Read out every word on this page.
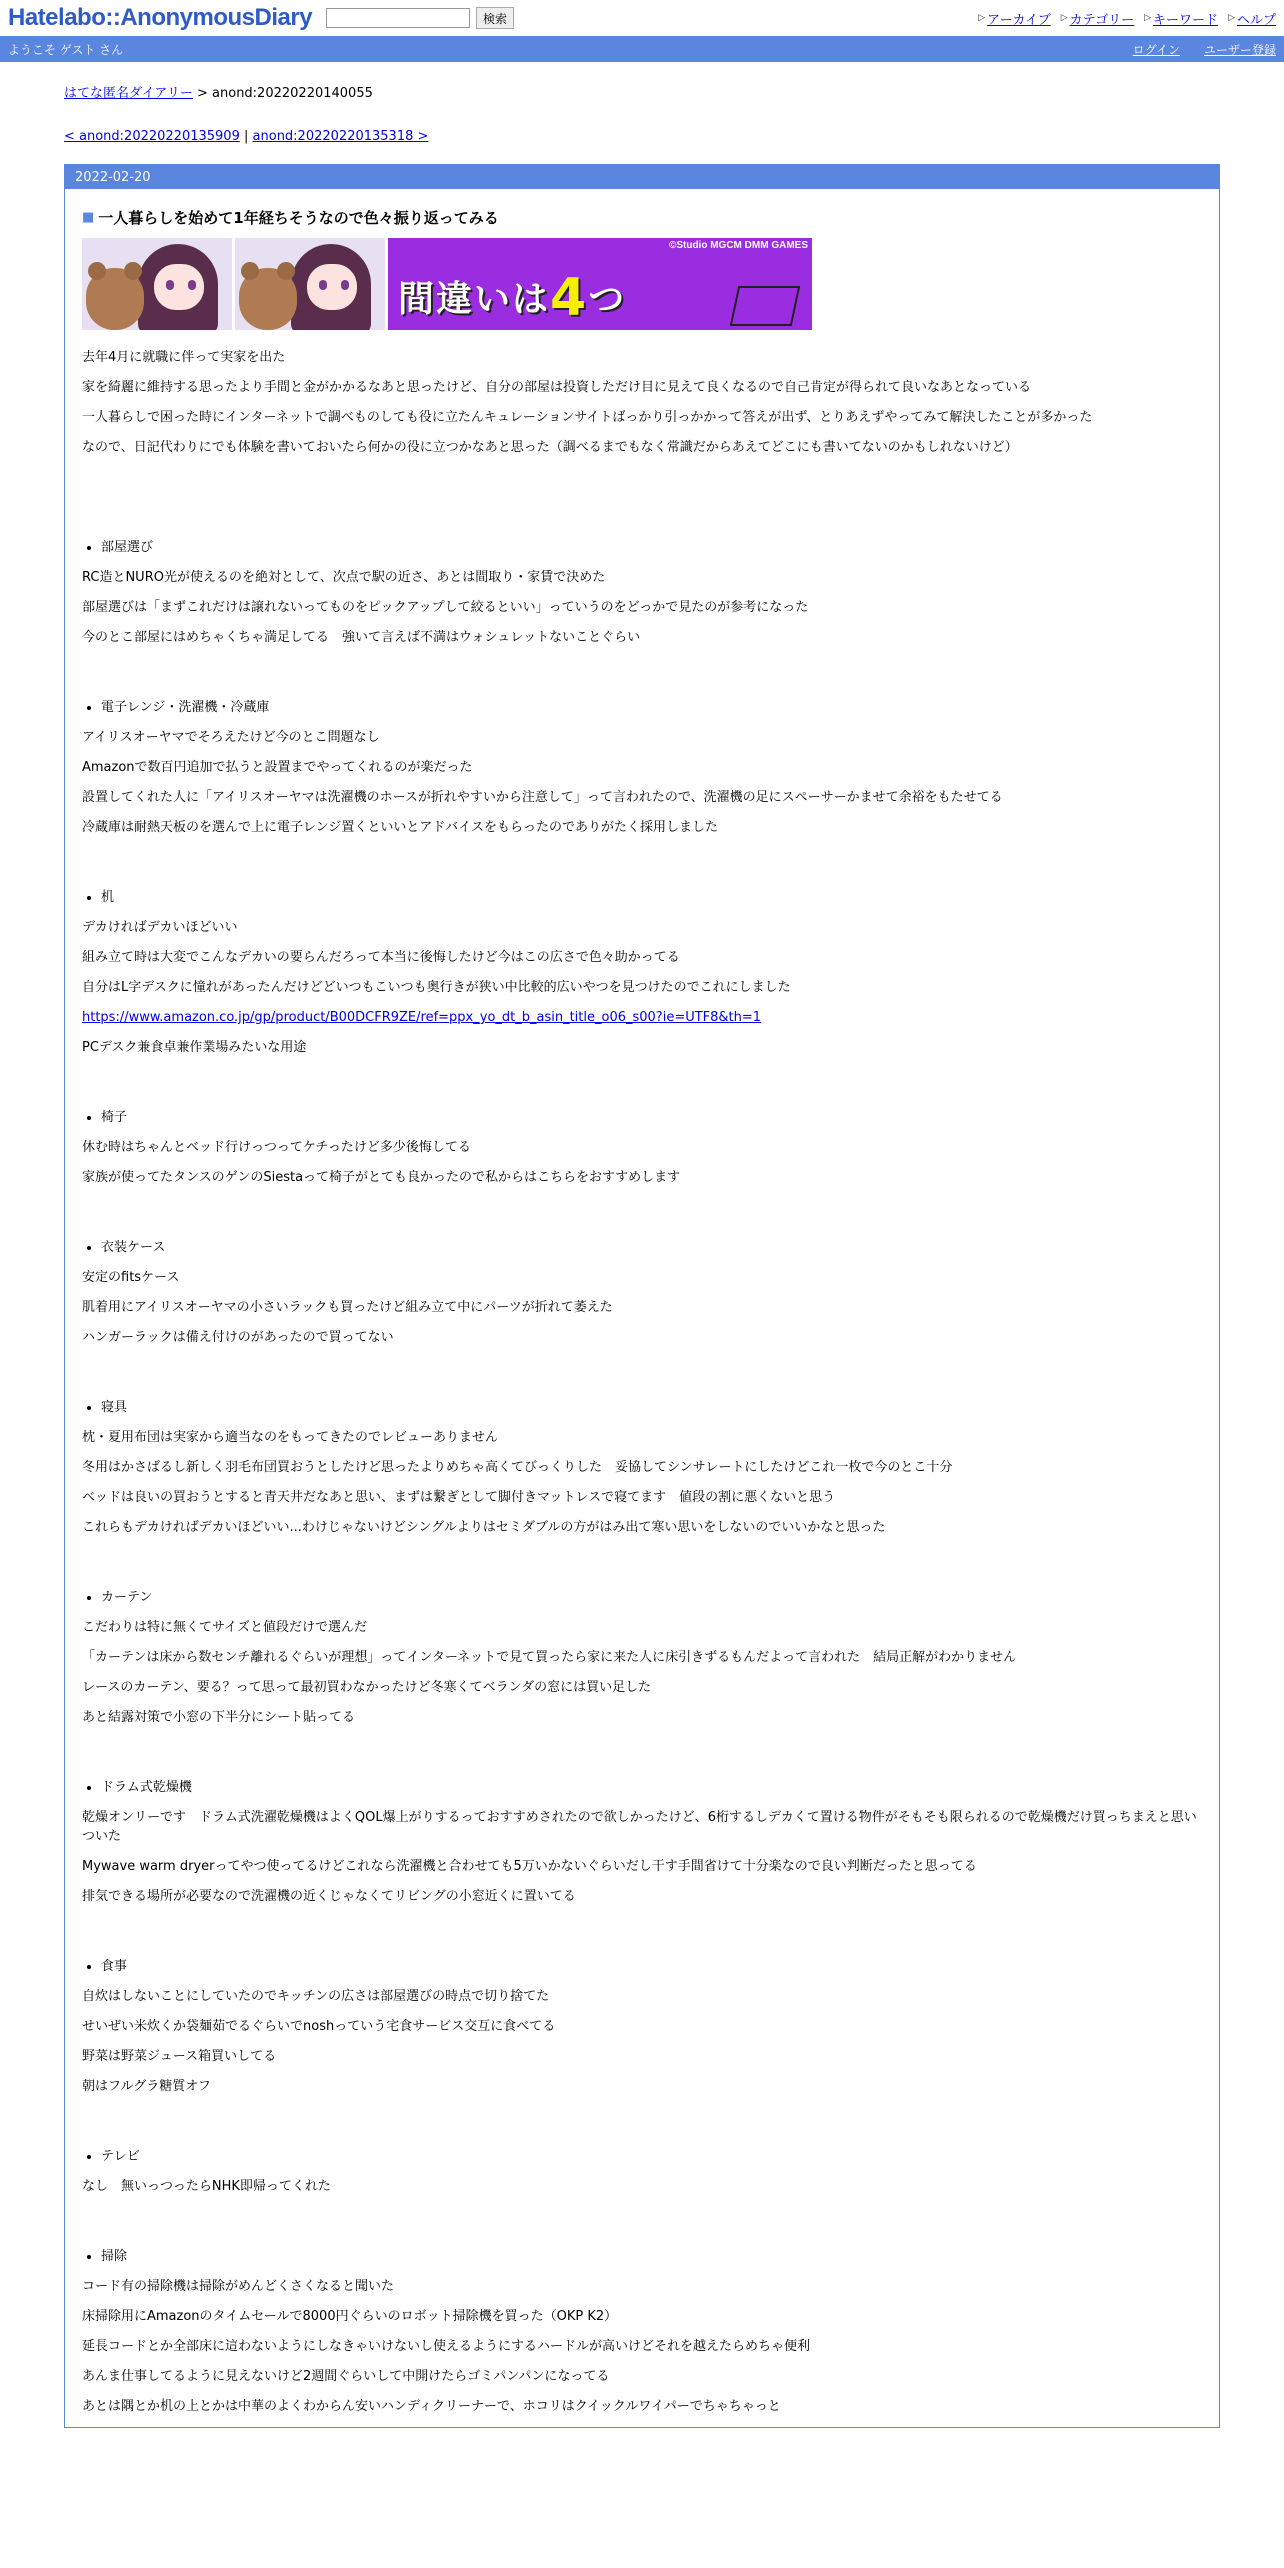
Hatelabo::AnonymousDiary	検索	▷ アーカイブ ▷ カテゴリー ▷ キーワード ▷ ヘルプ
ようこそ ゲスト さん	ログイン ユーザー登録
はてな匿名ダイアリー > anond:20220220140055
< anond:20220220135909 | anond:20220220135318 >
2022-02-20
■ 一人暮らしを始めて1年経ちそうなので色々振り返ってみる
©Studio MGCM DMM GAMES
間違いは4つ

去年4月に就職に伴って実家を出た

家を綺麗に維持する思ったより手間と金がかかるなあと思ったけど、自分の部屋は投資しただけ目に見えて良くなるので自己肯定が得られて良いなあとなっている

一人暮らしで困った時にインターネットで調べものしても役に立たんキュレーションサイトばっかり引っかかって答えが出ず、とりあえずやってみて解決したことが多かった

なので、日記代わりにでも体験を書いておいたら何かの役に立つかなあと思った（調べるまでもなく常識だからあえてどこにも書いてないのかもしれないけど）

• 部屋選び

RC造とNURO光が使えるのを絶対として、次点で駅の近さ、あとは間取り・家賃で決めた

部屋選びは「まずこれだけは譲れないってものをピックアップして絞るといい」っていうのをどっかで見たのが参考になった

今のとこ部屋にはめちゃくちゃ満足してる　強いて言えば不満はウォシュレットないことぐらい

• 電子レンジ・洗濯機・冷蔵庫

アイリスオーヤマでそろえたけど今のとこ問題なし

Amazonで数百円追加で払うと設置までやってくれるのが楽だった

設置してくれた人に「アイリスオーヤマは洗濯機のホースが折れやすいから注意して」って言われたので、洗濯機の足にスペーサーかませて余裕をもたせてる

冷蔵庫は耐熱天板のを選んで上に電子レンジ置くといいとアドバイスをもらったのでありがたく採用しました

• 机

デカければデカいほどいい

組み立て時は大変でこんなデカいの要らんだろって本当に後悔したけど今はこの広さで色々助かってる

自分はL字デスクに憧れがあったんだけどどいつもこいつも奥行きが狭い中比較的広いやつを見つけたのでこれにしました

https://www.amazon.co.jp/gp/product/B00DCFR9ZE/ref=ppx_yo_dt_b_asin_title_o06_s00?ie=UTF8&th=1

PCデスク兼食卓兼作業場みたいな用途

• 椅子

休む時はちゃんとベッド行けっつってケチったけど多少後悔してる

家族が使ってたタンスのゲンのSiestaって椅子がとても良かったので私からはこちらをおすすめします

• 衣装ケース

安定のfitsケース

肌着用にアイリスオーヤマの小さいラックも買ったけど組み立て中にパーツが折れて萎えた

ハンガーラックは備え付けのがあったので買ってない

• 寝具

枕・夏用布団は実家から適当なのをもってきたのでレビューありません

冬用はかさばるし新しく羽毛布団買おうとしたけど思ったよりめちゃ高くてびっくりした　妥協してシンサレートにしたけどこれ一枚で今のとこ十分

ベッドは良いの買おうとすると青天井だなあと思い、まずは繋ぎとして脚付きマットレスで寝てます　値段の割に悪くないと思う

これらもデカければデカいほどいい...わけじゃないけどシングルよりはセミダブルの方がはみ出て寒い思いをしないのでいいかなと思った

• カーテン

こだわりは特に無くてサイズと値段だけで選んだ

「カーテンは床から数センチ離れるぐらいが理想」ってインターネットで見て買ったら家に来た人に床引きずるもんだよって言われた　結局正解がわかりません

レースのカーテン、要る？って思って最初買わなかったけど冬寒くてベランダの窓には買い足した

あと結露対策で小窓の下半分にシート貼ってる

• ドラム式乾燥機

乾燥オンリーです　ドラム式洗濯乾燥機はよくQOL爆上がりするっておすすめされたので欲しかったけど、6桁するしデカくて置ける物件がそもそも限られるので乾燥機だけ買っちまえと思いついた

Mywave warm dryerってやつ使ってるけどこれなら洗濯機と合わせても5万いかないぐらいだし干す手間省けて十分楽なので良い判断だったと思ってる

排気できる場所が必要なので洗濯機の近くじゃなくてリビングの小窓近くに置いてる

• 食事

自炊はしないことにしていたのでキッチンの広さは部屋選びの時点で切り捨てた

せいぜい米炊くか袋麺茹でるぐらいでnoshっていう宅食サービス交互に食べてる

野菜は野菜ジュース箱買いしてる

朝はフルグラ糖質オフ

• テレビ

なし　無いっつったらNHK即帰ってくれた

• 掃除

コード有の掃除機は掃除がめんどくさくなると聞いた

床掃除用にAmazonのタイムセールで8000円ぐらいのロボット掃除機を買った（OKP K2）

延長コードとか全部床に這わないようにしなきゃいけないし使えるようにするハードルが高いけどそれを越えたらめちゃ便利

あんま仕事してるように見えないけど2週間ぐらいして中開けたらゴミパンパンになってる

あとは隅とか机の上とかは中華のよくわからん安いハンディクリーナーで、ホコリはクイックルワイパーでちゃちゃっと
